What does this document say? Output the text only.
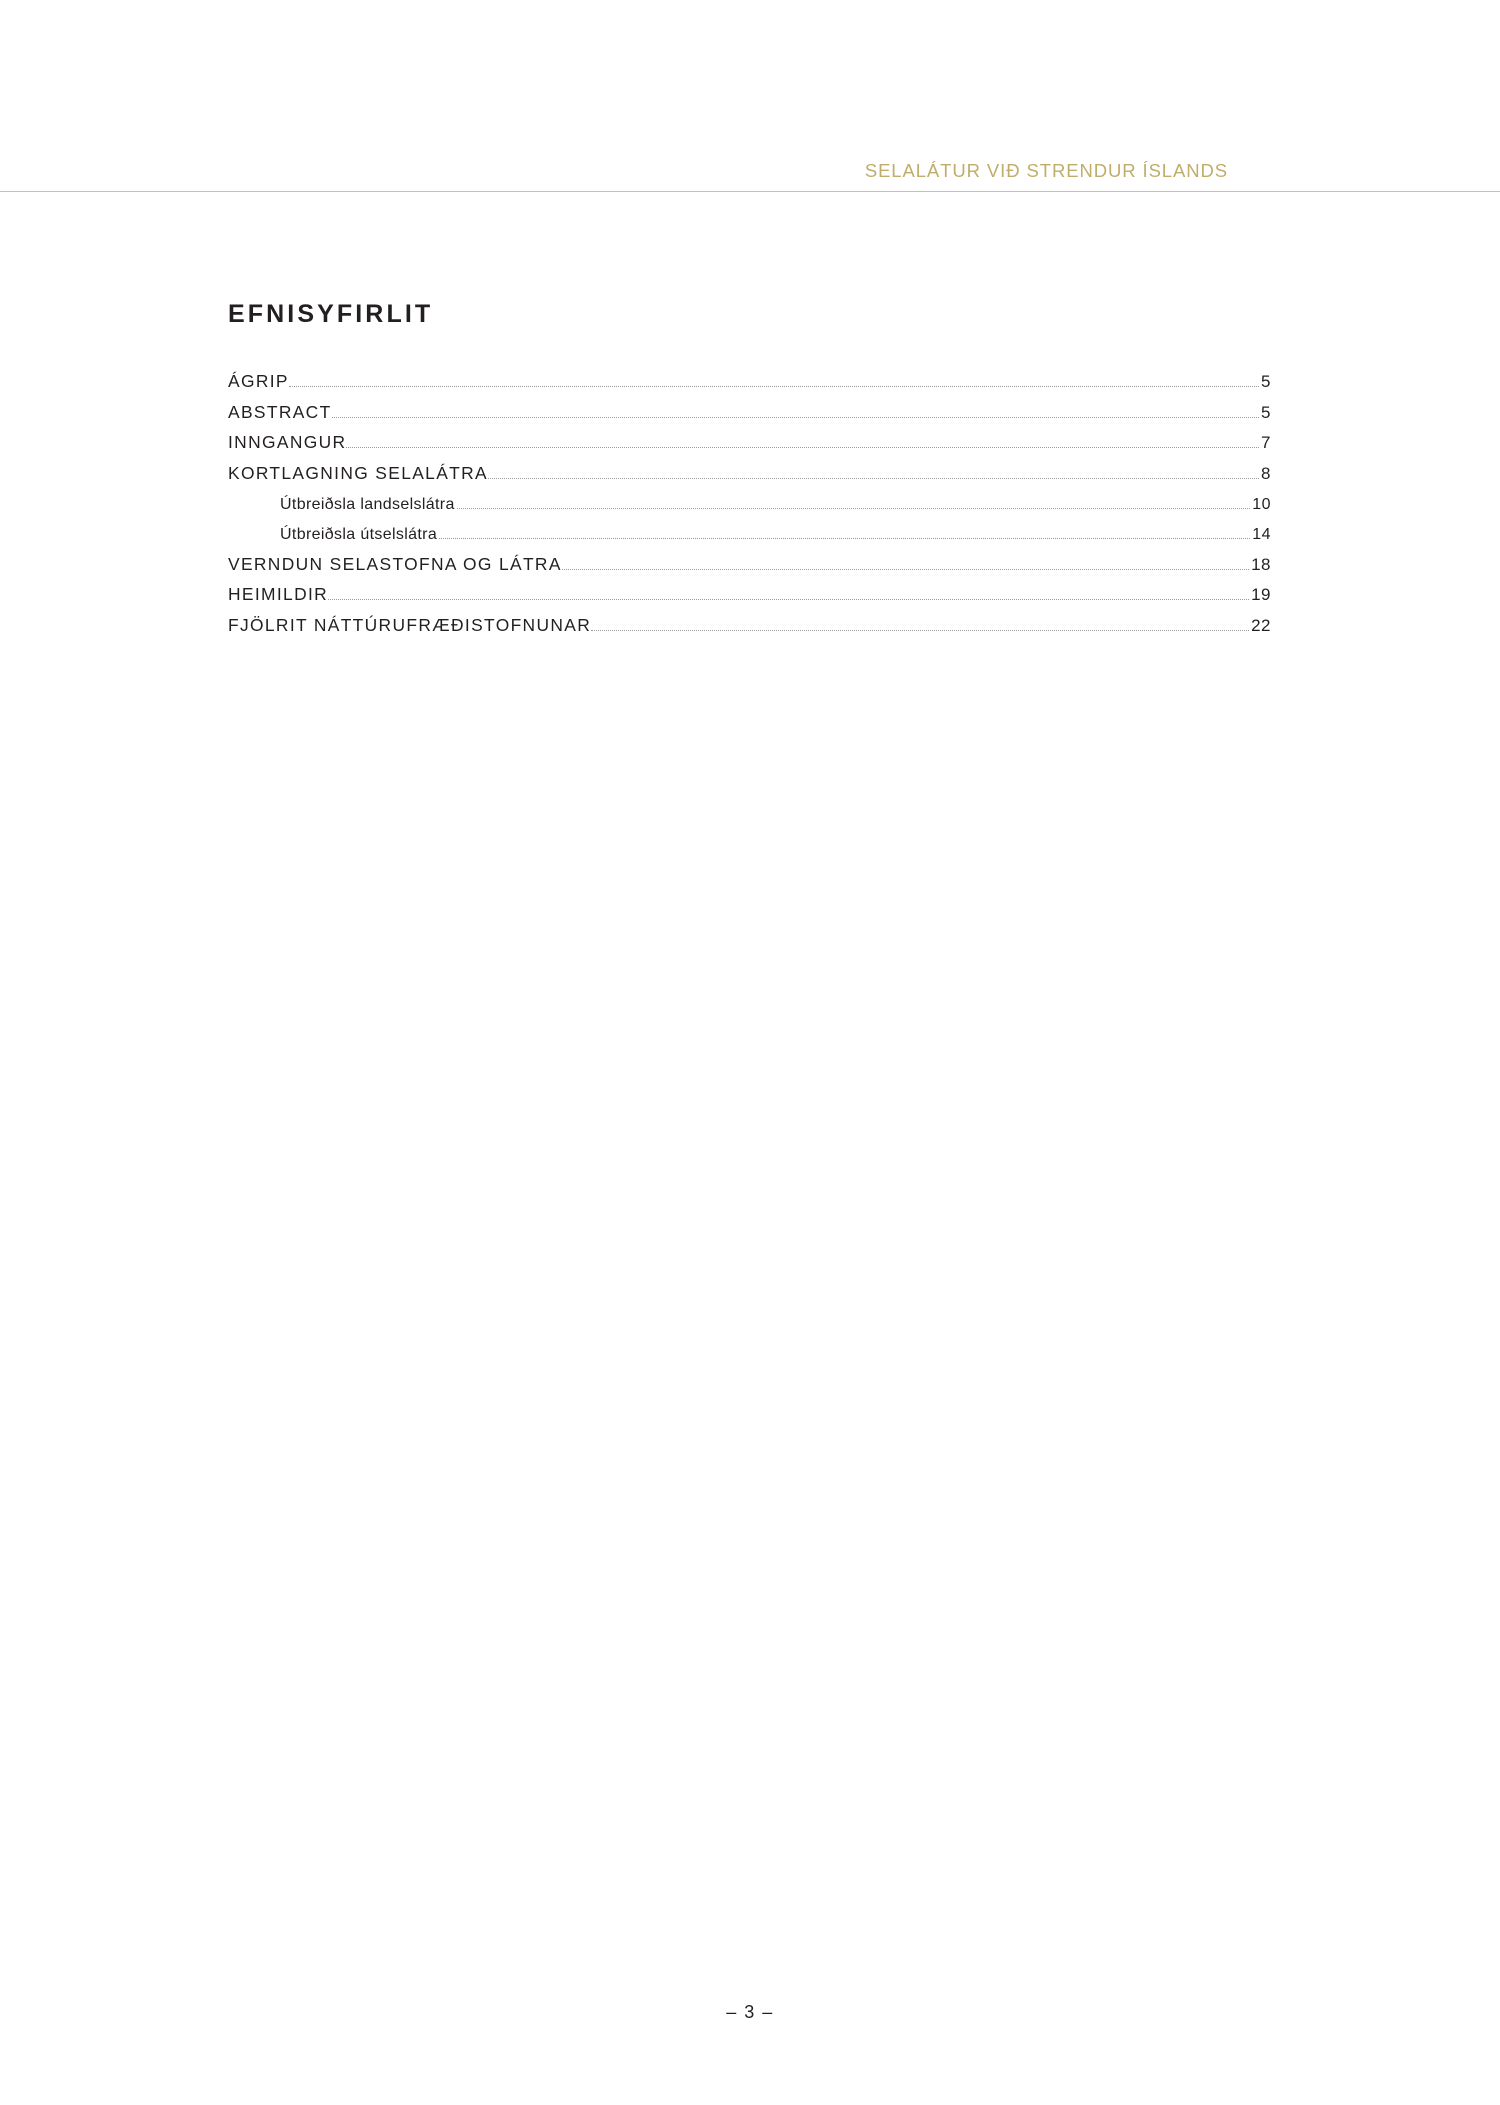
SELALÁTUR VIÐ STRENDUR ÍSLANDS
EFNISYFIRLIT
ÁGRIP	5
ABSTRACT	5
INNGANGUR	7
KORTLAGNING SELALÁTRA	8
Útbreiðsla landselslátra	10
Útbreiðsla útselslátra	14
VERNDUN SELASTOFNA OG LÁTRA	18
HEIMILDIR	19
FJÖLRIT NÁTTÚRUFRÆÐISTOFNUNAR	22
– 3 –
